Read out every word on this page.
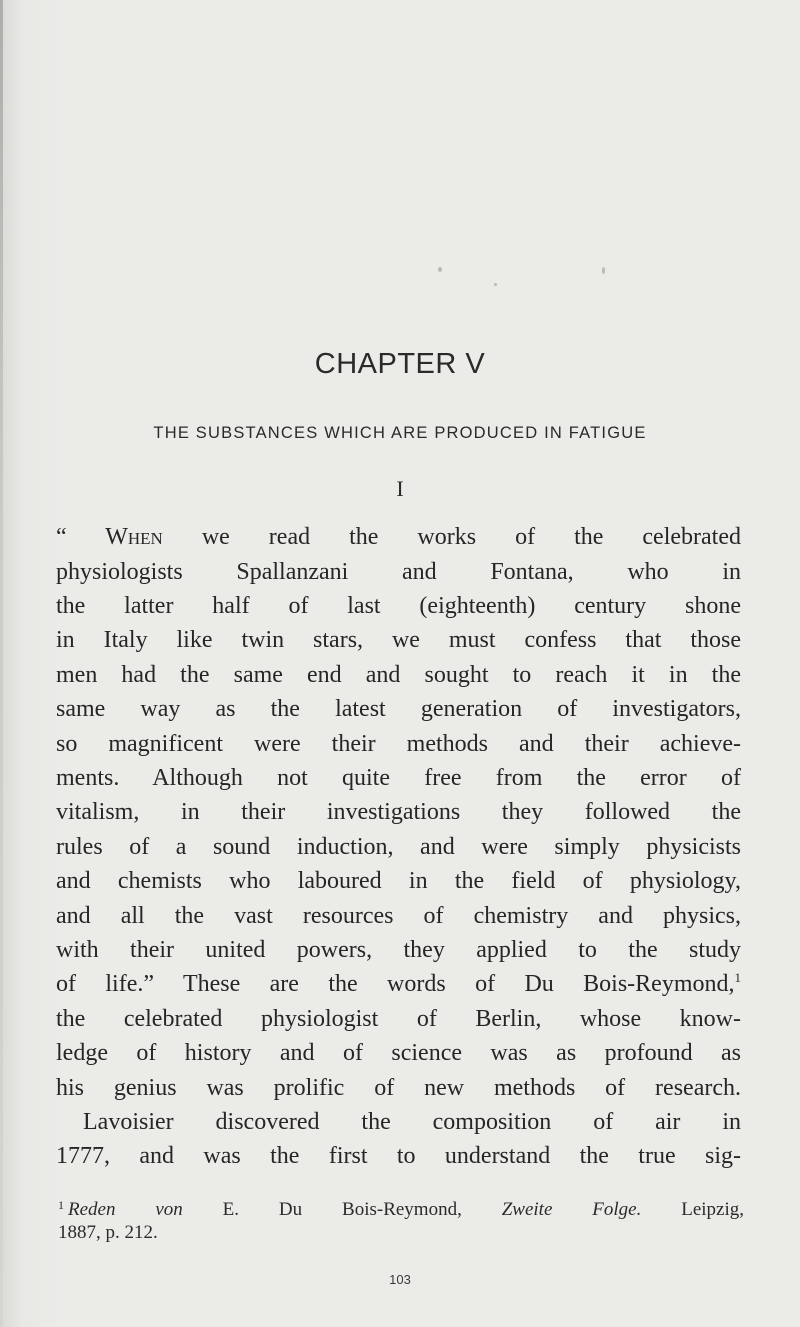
CHAPTER V
THE SUBSTANCES WHICH ARE PRODUCED IN FATIGUE
I
“ When we read the works of the celebrated
physiologists Spallanzani and Fontana, who in
the latter half of last (eighteenth) century shone
in Italy like twin stars, we must confess that those
men had the same end and sought to reach it in the
same way as the latest generation of investigators,
so magnificent were their methods and their achieve-
ments. Although not quite free from the error of
vitalism, in their investigations they followed the
rules of a sound induction, and were simply physicists
and chemists who laboured in the field of physiology,
and all the vast resources of chemistry and physics,
with their united powers, they applied to the study
of life.” These are the words of Du Bois-Reymond,$^1$
the celebrated physiologist of Berlin, whose know-
ledge of history and of science was as profound as
his genius was prolific of new methods of research.
Lavoisier discovered the composition of air in
1777, and was the first to understand the true sig-
$^1$ Reden von E. Du Bois-Reymond, Zweite Folge. Leipzig,
1887, p. 212.
103
